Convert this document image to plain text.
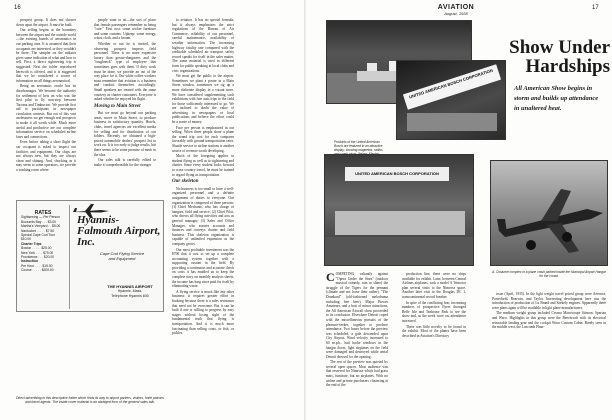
16

prospect group. It does not shower down upon the airport. It must be built.

Our selling begins at the boundary between the airport and the outside world—the existing boards of aeronautics in our parking area. It is assumed that their occupants are interested, or they wouldn't be there. The sampler on the radiator gives some indication of what and how to sell. First, a direct sightseeing trip is suggested. Next the folder reproduced herewith is offered, and it is suggested that we be considered a source of information on all things aeronautical.

Being an aeronautic oracle has its disadvantages. We become the authority for settlement of bets on who was the first pilot to fly non-stop between Tacoma and Timbuctoo. We provide first aid to participants in newspaper circulation contests. But out of this vast uselessness we get enough real prospects to make it all worth while. Much more useful and productive are our complete information service on scheduled airline fares and connections.

Even before taking a short flight the car occupant is asked to inspect our facilities and equipment. Our ships are not always new, but they are always clean and shining. And, shocking as it may seem to some operators, we provide a washing room where

people want to sit—the sort of place that female passengers remember as being "cute." First cost: some wicker furniture and some curtains. Upkeep: some energy, a dust cloth, and a broom.

Whether or not he is invited, the observing prospect inspects field personnel. There is no more expensive luxury than grease-dungarees and the "roughneck" type of employee that sometimes goes with them. If dirty work must be done, we provide an out of the way place for it. Our white coffee workers must remember that aviation is a business and conduct themselves accordingly. Small speakers are treated with the same courtesy as charter customers. Everyone is asked whether he enjoyed his flight.

Moving to Main Street

But we must go beyond our parking areas, move to Main Street, to produce business in satisfactory quantity. Hotels, clubs, travel agencies are excellent media for selling and for distribution of our folders. Recently we obtained a high-priced automobile dealers' prospect list to work on. It is too early to judge results, but there seems to be some promise of merit in the idea.

Our sales talk is carefully edited to make it comprehensible for the stranger

to aviation. It has no special formula, but it always emphasizes the strict regulations of the Bureau of Air Commerce, reliability of our personnel, careful maintenance, availability of weather information. The increasing highway fatality rate compared with the creditable scheduled air transport safety record speaks for itself in the sales matter. The same material is used in different form for public speaking at local clubs and civic organizations.

We must get the public to the airport. Sometimes we plant a poster in a Main Street window, sometimes we rig up a more elaborate display in a vacant store. We have considered supplementing such exhibitions with free auto trips to the field for those sufficiently interested to go. We are inclined to doubt the value of advertising in newspapers or local publications and believe the effort could be a waste of money.

Face per person is emphasized in our selling. When three people share a plane the round trip cost for each compares favorably with ground transportation rates. Shuttle service to airline stations is another source of revenue worth developing.

Much of the foregoing applies to student flying as well as to sightseeing and charter. Since every student looks forward to cross-country travel, he must be trained to regard flying as transportation.

Our skeleton

No business is too small to have a well-organized personnel and a definite assignment of duties to everyone. Our organization is composed of three persons: (1) Chief Mechanic, who has charge of hangars, field and service; (2) Chief Pilot, who directs all flying activities and acts as general manager; (3) Sales and Office Manager, who assures accounts and finances and conveys charter and field business. This skeleton organization is capable of unlimited expansion as the company grows.

Our most profitable investment was the $700 that it cost to set up a complete accounting system together with a supporting custom in the field. By providing a continuous and accurate check on costs it has enabled us to keep the complete story on monthly analysis sheets, the income has long since paid for itself by eliminating waste.

A flying service is much like any other business: it requires greater effort in booking because there is a sales resistance that need not be overcome. But it can be built if one is willing to progress by easy stages without losing sight of the fundamental truth that flying is transportation. And it is much more fascinating than selling coats, or fish, or pickles.

RATES
Sightseeing — Per Person
Buzzards Bay . . . $3.00
Martha's Vineyard . . $5.00
Nantucket . . . . . $7.50
Special Cape Cod Tour $10.00
Charter Trips
Boston . . . . . $25.00
New York . . . . $75.00
Providence . . . $20.00
Instruction
Per Hour . . . . $15.00
Course . . . . . $200.00
Hyannis-Falmouth Airport, Inc.
Cape Cod Flying Service and Equipment
THE HYANNIS AIRPORT
Hyannis, Mass.
Telephone Hyannis 600
Direct advertising in this descriptive folder which finds its way to airport parkers, visitors, hotel patrons and travel agents. The inside cover material is an abridged form of the general sales talk.
AVIATION
August, 1935
17
UNITED AMERICAN BOSCH CORPORATION
Products of the United American Bosch are featured in an attractive display; showing magnetos, radios
UNITED AMERICAN BOSCH CORPORATION
A. Costume complex in a plane crash parked inside the Municipal Airport Hangar for the crowd.
Show Under Hardships
All American Show begins in storm and builds up attendance in unaltered heat.

COMPETING valiantly against "Opera Under the Stars" (outdoor musical comedy, rain or shine) the struggle of the Tigers for the pennant (climate and not loose their rather), "The Drunkard" (old-fashioned melodrama including free beer), Major Bowes Amateurs, and a host of minor attractions, the All American Aircraft show proceeded to its conclusion. Elsewhere Detroit coped with the miscellaneous pursuits of the pleasure-seeker, together to produce attendance. Two hours before the preview was scheduled, a gale descended upon City Airport. Wind velocity increased to 60 m.p.h., hail broke windows in the hangar doors, light airplanes on the field were damaged and destroyed while aerial Detroit dressed for the opening.

The rest of the preview was quieted by several open spaces. Most audience was that reserved for Nimrose which had grass mats, furniture, but no airplanes. With no airline and private purchasers clustering at the end of the

production line, there were no ships available for exhibit. Later, between Central Airlines airplanes, took a model A Trimotor plan several visits to the Nimrose space. Another later visit to the Douglas DC 1, transcontinental record breaker.

In spite of the conflicting fear, increasing numbers of prospective flyers thronged Belle Isle and Teahouse Park to see the show and, as the week wore on, attendance increased.

There was little novelty to be found in the exhibit. Most of the planes have been described in Aviation's Directory

issue (April, 1935). In the light weight travel priced group were Aeronca, Porterfield, Rearwin, and Taylor. Interesting development here was the introduction of production of Lu Brand and Szekely engines. Apparently there were plans again will be available in light plane manufacturers.

The medium weight group included Cessna Monocoupe Stinson, Spartan and Waco. Highlights in this group were the Beechcraft with its electrical retractable landing gear and the cockpit Waco Custom Cabin. Barely seen in the middle west, the Luscomb Phan-
